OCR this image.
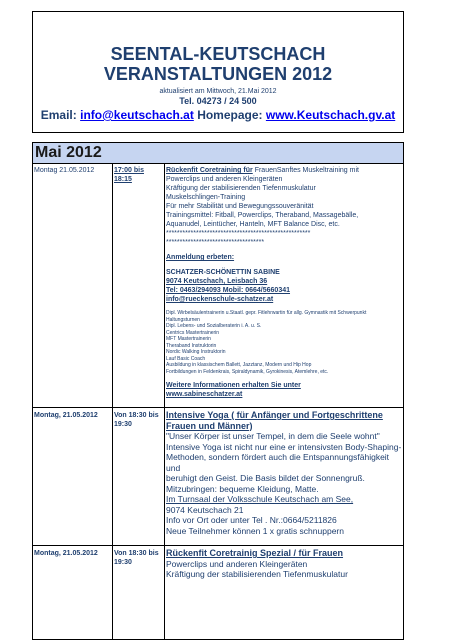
SEENTAL-KEUTSCHACH
VERANSTALTUNGEN 2012
aktualisiert am Mittwoch, 21.Mai 2012
Tel. 04273 / 24 500
Email: info@keutschach.at Homepage: www.Keutschach.gv.at
Mai 2012
Montag 21.05.2012	17:00 bis 18:15
Rückenfit Coretraining für FrauenSanftes Muskeltraining mit
Powerclips und anderen Kleingeräten
Kräftigung der stabilisierenden Tiefenmuskulatur
Muskelschlingen-Training
Für mehr Stabilität und Bewegungssouveränität
Trainingsmittel: Fitball, Powerclips, Theraband, Massagebälle,
Aquanudel, Leintücher, Hanteln, MFT Balance Disc, etc.
*****************************************************
************************************
Anmeldung erbeten:
SCHATZER-SCHÖNETTIN SABINE
9074 Keutschach, Leisbach 36
Tel: 0463/294093 Mobil: 0664/5660341
info@rueckenschule-schatzer.at
Dipl. Wirbelsäulentrainerin u.Staatl. gepr. Fitlehrwartin für allg. Gymnastik mit Schwerpunkt
Haltungsturnen
Dipl. Lebens- und Sozialberaterin i. A. u. S.
Centrics Mastertrainerin
MFT Mastertrainerin
Theraband Instruktorin
Nordic Walking Instruktorin
Lauf Basic Coach
Ausbildung in klassischem Ballett, Jazztanz, Modern und Hip Hop
Fortbildungen in Feldenkrais, Spiraldynamik, Gyrokinesis, Atemlehre, etc.
Weitere Informationen erhalten Sie unter
www.sabineschatzer.at
Montag, 21.05.2012	Von 18:30 bis 19:30
Intensive Yoga ( für Anfänger und Fortgeschrittene Frauen und Männer)
"Unser Körper ist unser Tempel, in dem die Seele wohnt"
Intensive Yoga ist nicht nur eine er intensivsten Body-Shaping-
Methoden, sondern fördert auch die Entspannungsfähigkeit und
beruhigt den Geist. Die Basis bildet der Sonnengruß.
Mitzubringen: bequeme Kleidung, Matte.
Im Turnsaal der Volksschule Keutschach am See,
9074 Keutschach 21
Info vor Ort oder unter Tel . Nr.:0664/5211826
Neue Teilnehmer können 1 x gratis schnuppern
Montag, 21.05.2012	Von 18:30 bis 19:30
Rückenfit Coretrainig Spezial / für Frauen
Powerclips und anderen Kleingeräten
Kräftigung der stabilisierenden Tiefenmuskulatur
